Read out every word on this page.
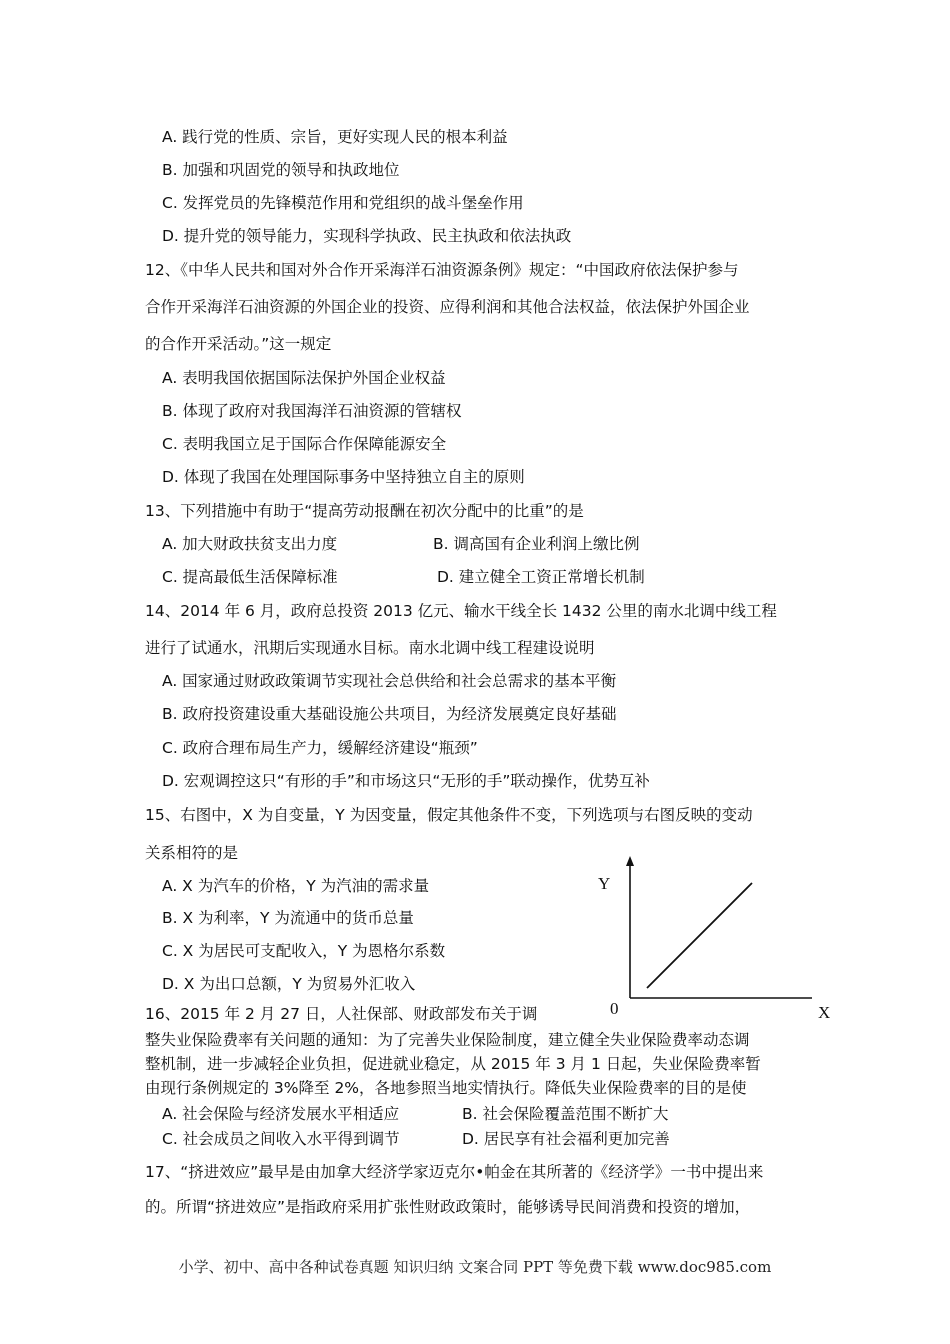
A. 践行党的性质、宗旨，更好实现人民的根本利益
B. 加强和巩固党的领导和执政地位
C. 发挥党员的先锋模范作用和党组织的战斗堡垒作用
D. 提升党的领导能力，实现科学执政、民主执政和依法执政
12、《中华人民共和国对外合作开采海洋石油资源条例》规定：“中国政府依法保护参与
合作开采海洋石油资源的外国企业的投资、应得利润和其他合法权益，依法保护外国企业
的合作开采活动。”这一规定
A. 表明我国依据国际法保护外国企业权益
B. 体现了政府对我国海洋石油资源的管辖权
C. 表明我国立足于国际合作保障能源安全
D. 体现了我国在处理国际事务中坚持独立自主的原则
13、下列措施中有助于“提高劳动报酬在初次分配中的比重”的是
A. 加大财政扶贫支出力度	B. 调高国有企业利润上缴比例
C. 提高最低生活保障标准	D. 建立健全工资正常增长机制
14、2014 年 6 月，政府总投资 2013 亿元、输水干线全长 1432 公里的南水北调中线工程
进行了试通水，汛期后实现通水目标。南水北调中线工程建设说明
A. 国家通过财政政策调节实现社会总供给和社会总需求的基本平衡
B. 政府投资建设重大基础设施公共项目，为经济发展奠定良好基础
C. 政府合理布局生产力，缓解经济建设“瓶颈”
D. 宏观调控这只“有形的手”和市场这只“无形的手”联动操作，优势互补
15、右图中，X 为自变量，Y 为因变量，假定其他条件不变，下列选项与右图反映的变动
关系相符的是
A. X 为汽车的价格，Y 为汽油的需求量
B. X 为利率，Y 为流通中的货币总量
C. X 为居民可支配收入，Y 为恩格尔系数
D. X 为出口总额，Y 为贸易外汇收入
Y
0	X
16、2015 年 2 月 27 日，人社保部、财政部发布关于调
整失业保险费率有关问题的通知：为了完善失业保险制度，建立健全失业保险费率动态调
整机制，进一步减轻企业负担，促进就业稳定，从 2015 年 3 月 1 日起，失业保险费率暂
由现行条例规定的 3%降至 2%，各地参照当地实情执行。降低失业保险费率的目的是使
A. 社会保险与经济发展水平相适应	B. 社会保险覆盖范围不断扩大
C. 社会成员之间收入水平得到调节	D. 居民享有社会福利更加完善
17、“挤进效应”最早是由加拿大经济学家迈克尔•帕金在其所著的《经济学》一书中提出来
的。所谓“挤进效应”是指政府采用扩张性财政政策时，能够诱导民间消费和投资的增加，
小学、初中、高中各种试卷真题 知识归纳 文案合同 PPT 等免费下载 www.doc985.com
